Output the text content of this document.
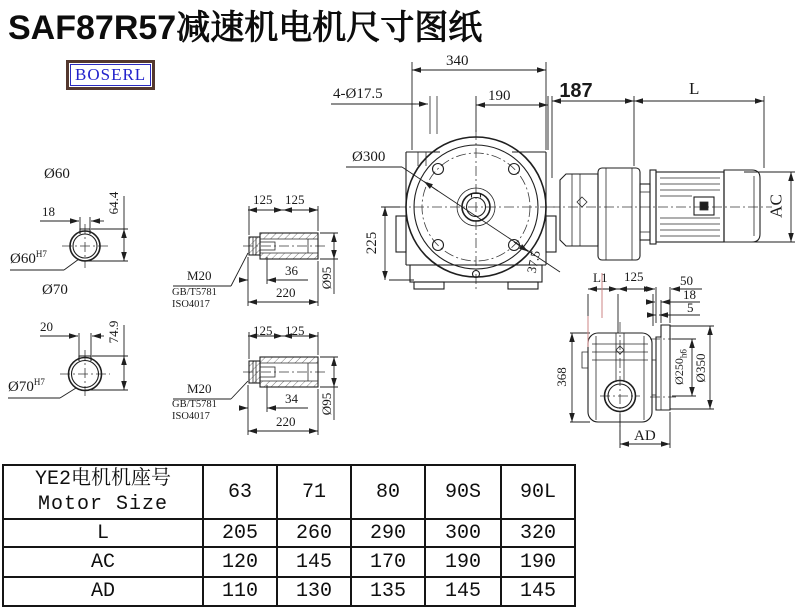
SAF87R57减速机电机尺寸图纸
BOSERL
Ø60
18	64.4
$Ø60^{H7}$
Ø70
20	74.9
$Ø70^{H7}$
125 125
36
220
Ø95
M20
GB/T5781
ISO4017
125 125
34
220
Ø95
M20
GB/T5781
ISO4017
340
190
4-Ø17.5
Ø300
225
37.5
187	L
AC
L1 125	50
18
5
368	$Ø250_{h6}$ Ø350
AD
YE2电机机座号
Motor Size	63	71	80	90S	90L
L	205	260	290	300	320
AC	120	145	170	190	190
AD	110	130	135	145	145
